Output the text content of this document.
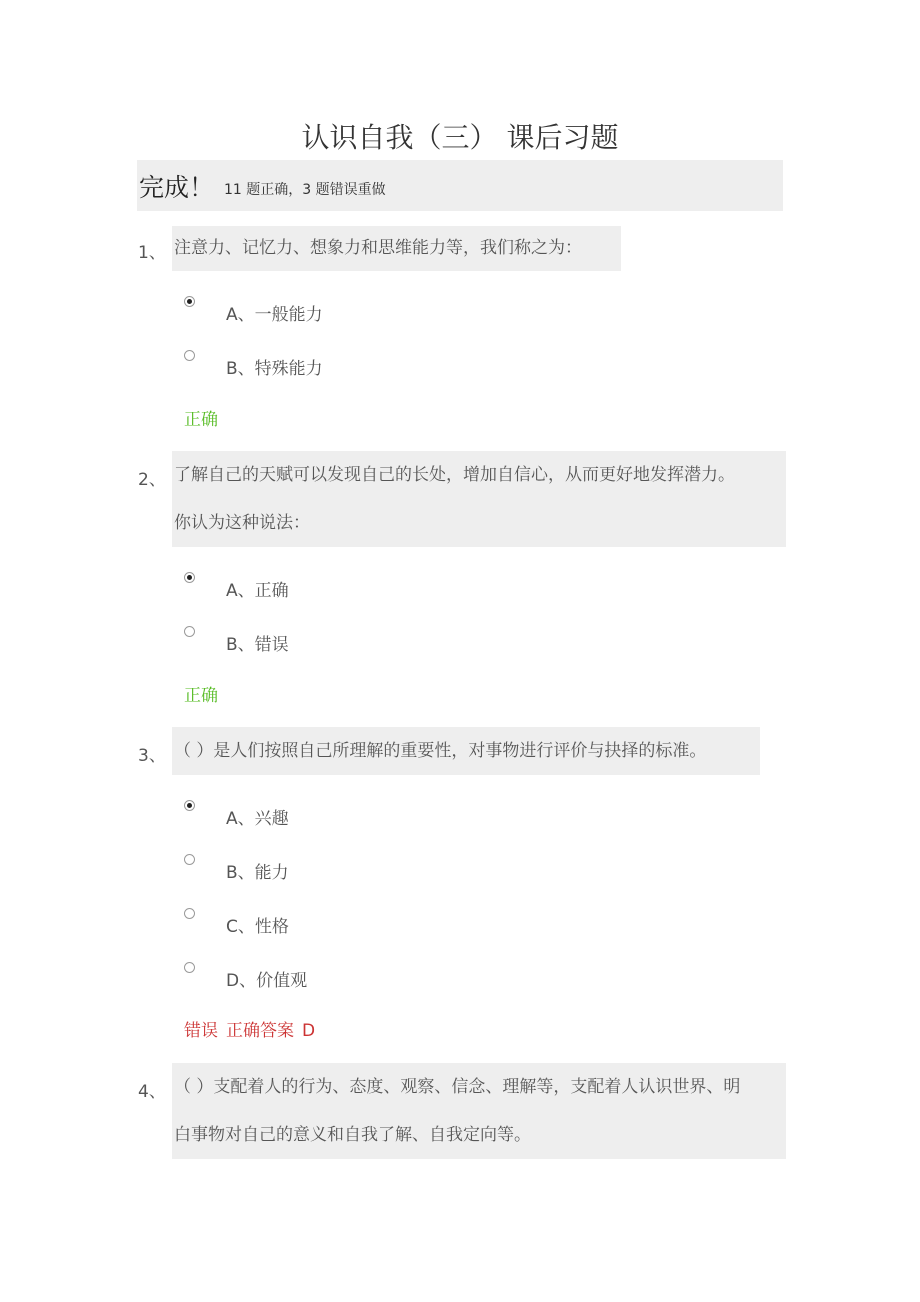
认识自我（三） 课后习题
完成！ 11 题正确，3 题错误重做
1、 注意力、记忆力、想象力和思维能力等，我们称之为：
A、一般能力
B、特殊能力
正确
2、 了解自己的天赋可以发现自己的长处，增加自信心，从而更好地发挥潜力。
你认为这种说法：
A、正确
B、错误
正确
3、 （ ）是人们按照自己所理解的重要性，对事物进行评价与抉择的标准。
A、兴趣
B、能力
C、性格
D、价值观
错误 正确答案 D
4、 （ ）支配着人的行为、态度、观察、信念、理解等，支配着人认识世界、明
白事物对自己的意义和自我了解、自我定向等。
